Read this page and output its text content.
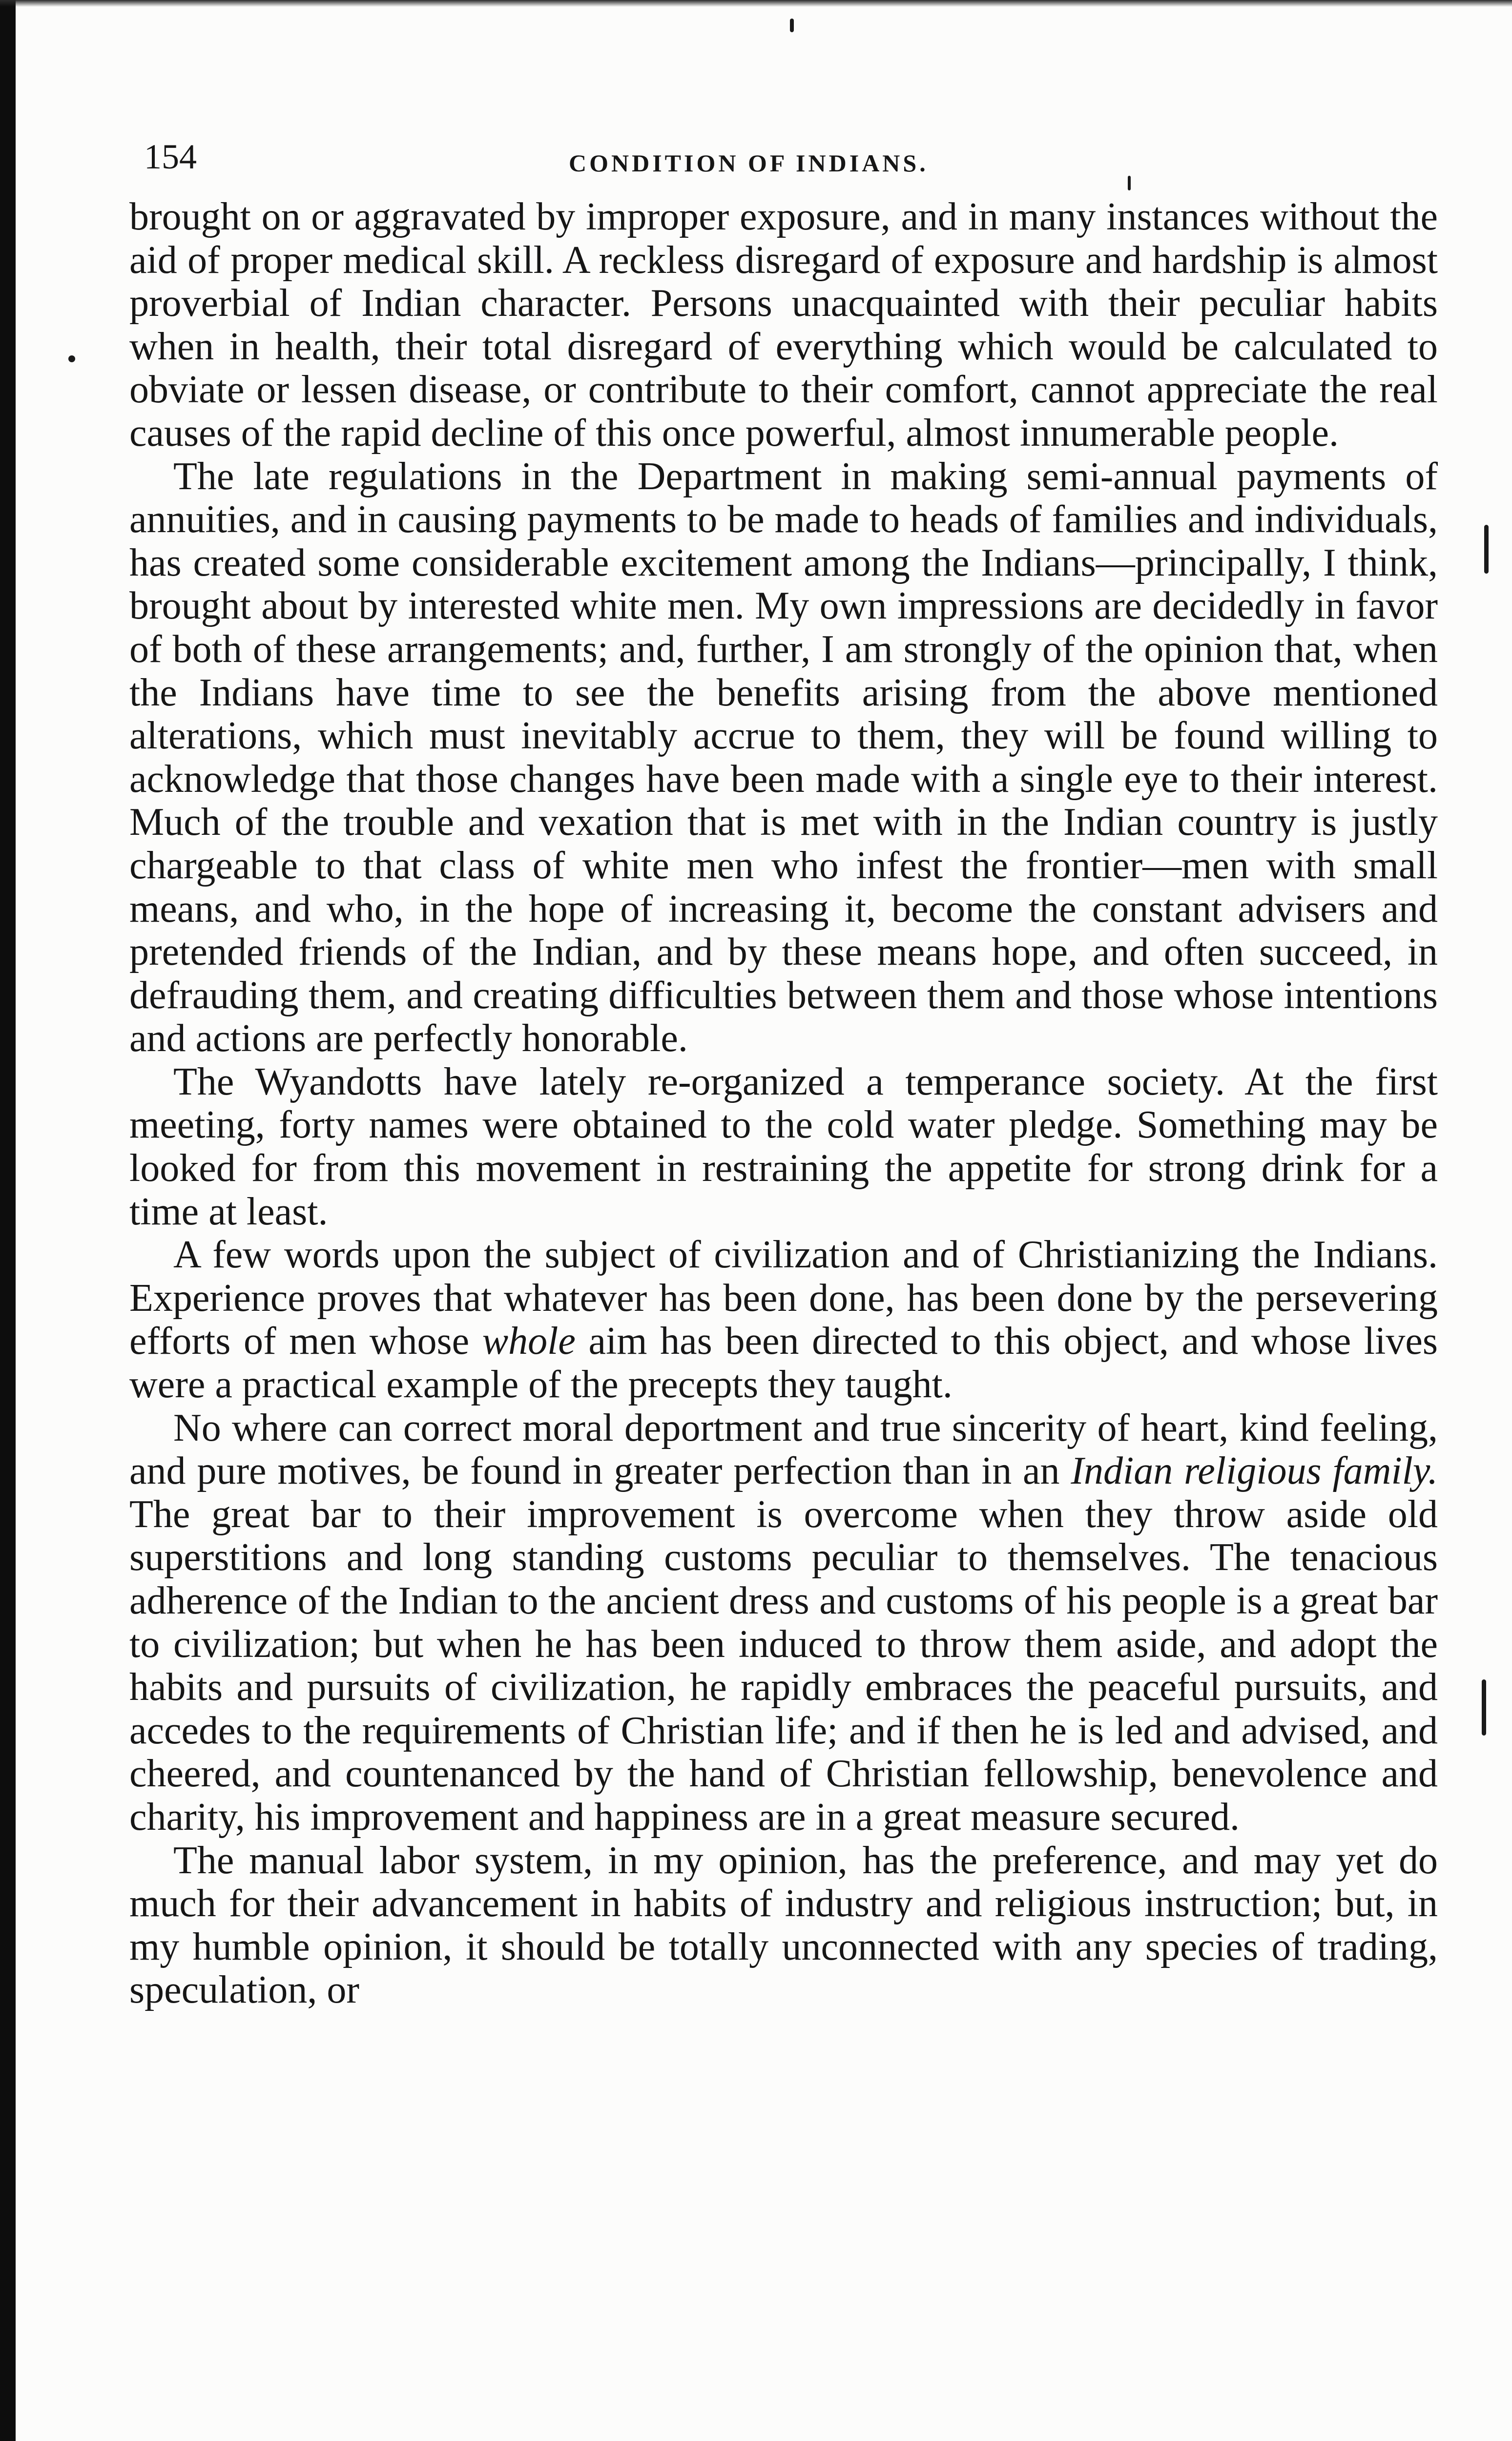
154	CONDITION OF INDIANS.

brought on or aggravated by improper exposure, and in many instances without the aid of proper medical skill. A reckless disregard of exposure and hardship is almost proverbial of Indian character. Persons unacquainted with their peculiar habits when in health, their total disregard of everything which would be calculated to obviate or lessen disease, or contribute to their comfort, cannot appreciate the real causes of the rapid decline of this once powerful, almost innumerable people.

The late regulations in the Department in making semi-annual payments of annuities, and in causing payments to be made to heads of families and individuals, has created some considerable excitement among the Indians—principally, I think, brought about by interested white men. My own impressions are decidedly in favor of both of these arrangements; and, further, I am strongly of the opinion that, when the Indians have time to see the benefits arising from the above mentioned alterations, which must inevitably accrue to them, they will be found willing to acknowledge that those changes have been made with a single eye to their interest. Much of the trouble and vexation that is met with in the Indian country is justly chargeable to that class of white men who infest the frontier—men with small means, and who, in the hope of increasing it, become the constant advisers and pretended friends of the Indian, and by these means hope, and often succeed, in defrauding them, and creating difficulties between them and those whose intentions and actions are perfectly honorable.

The Wyandotts have lately re-organized a temperance society. At the first meeting, forty names were obtained to the cold water pledge. Something may be looked for from this movement in restraining the appetite for strong drink for a time at least.

A few words upon the subject of civilization and of Christianizing the Indians. Experience proves that whatever has been done, has been done by the persevering efforts of men whose whole aim has been directed to this object, and whose lives were a practical example of the precepts they taught.

No where can correct moral deportment and true sincerity of heart, kind feeling, and pure motives, be found in greater perfection than in an Indian religious family. The great bar to their improvement is overcome when they throw aside old superstitions and long standing customs peculiar to themselves. The tenacious adherence of the Indian to the ancient dress and customs of his people is a great bar to civilization; but when he has been induced to throw them aside, and adopt the habits and pursuits of civilization, he rapidly embraces the peaceful pursuits, and accedes to the requirements of Christian life; and if then he is led and advised, and cheered, and countenanced by the hand of Christian fellowship, benevolence and charity, his improvement and happiness are in a great measure secured.

The manual labor system, in my opinion, has the preference, and may yet do much for their advancement in habits of industry and religious instruction; but, in my humble opinion, it should be totally unconnected with any species of trading, speculation, or
